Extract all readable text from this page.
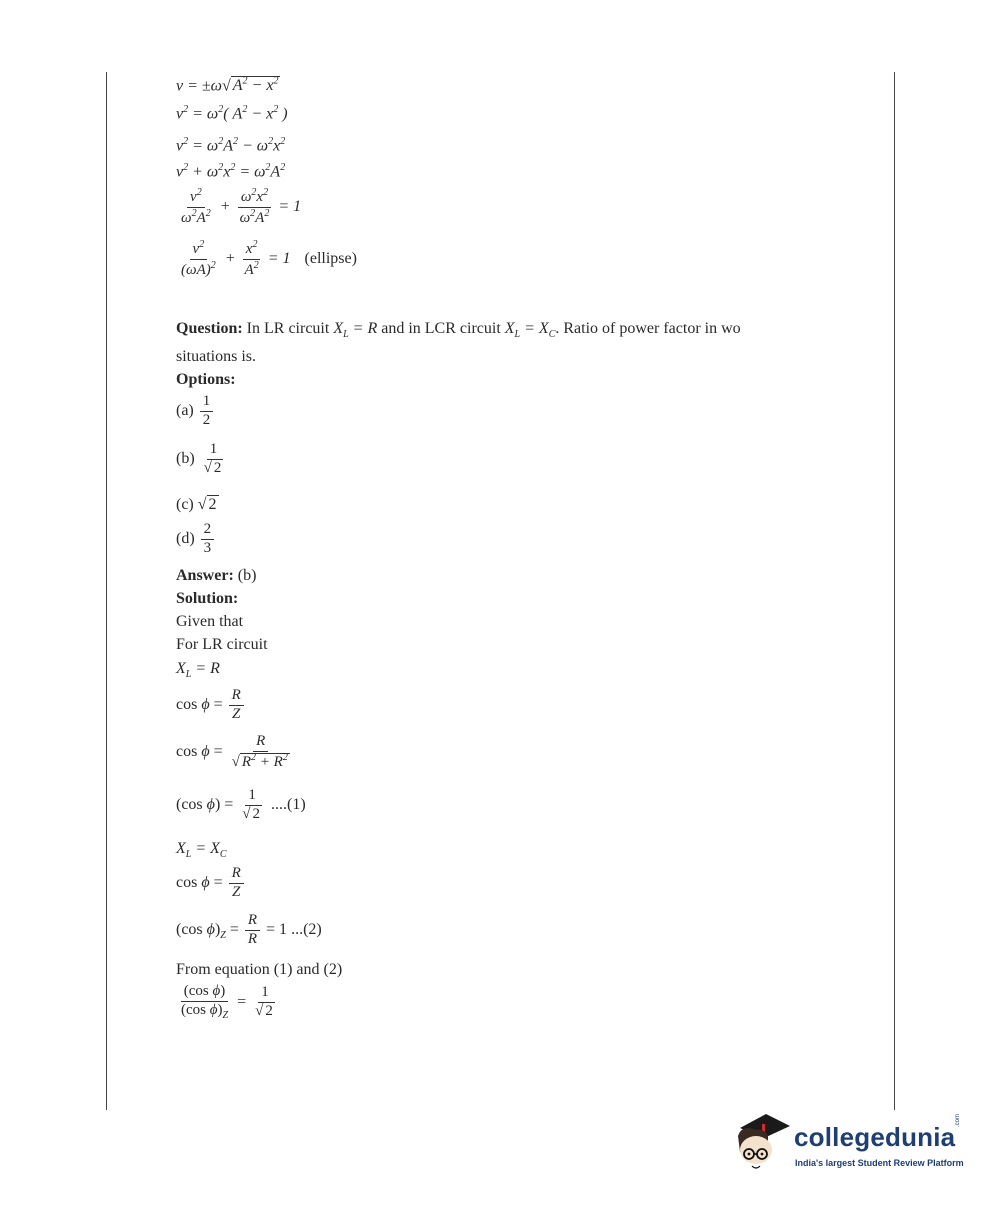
v = ±ω√ $A^2 - x^2$
$v^2 = \omega^2$( $A^2 - x^2$ )
$v^2 = \omega^2A^2 - \omega^2x^2$
$v^2 + \omega^2x^2 = \omega^2A^2$
$\frac{v^2}{\omega^2A^2} + \frac{\omega^2x^2}{\omega^2A^2} = 1$
$\frac{v^2}{(\omega A)^2} + \frac{x^2}{A^2} = 1$ (ellipse)
Question: In LR circuit $X_L = R$ and in LCR circuit $X_L = X_C$. Ratio of power factor in wo
situations is.
Options:
$(a) \frac{1}{2}$
$(b) \frac{1}{√ 2}$
(c) √ 2
$(d) \frac{2}{3}$
Answer: (b)
Solution:
Given that
For LR circuit
$X_L = R$
$\cos \phi = \frac{R}{Z}$
$\cos \phi = \frac{R}{√ R^2 + R^2}$
(cos $\phi) = \frac{1}{√ 2} ....(1)$
$X_L = X_C$
$\cos \phi = \frac{R}{Z}$
(cos $\phi)_Z = \frac{R}{R} = 1$ ...(2)
From equation (1) and (2)
$\frac{\text{(cos ϕ)}}{(\cos \phi)_Z} = \frac{1}{√ 2}$
collegedunia
.com
India's largest Student Review Platform
